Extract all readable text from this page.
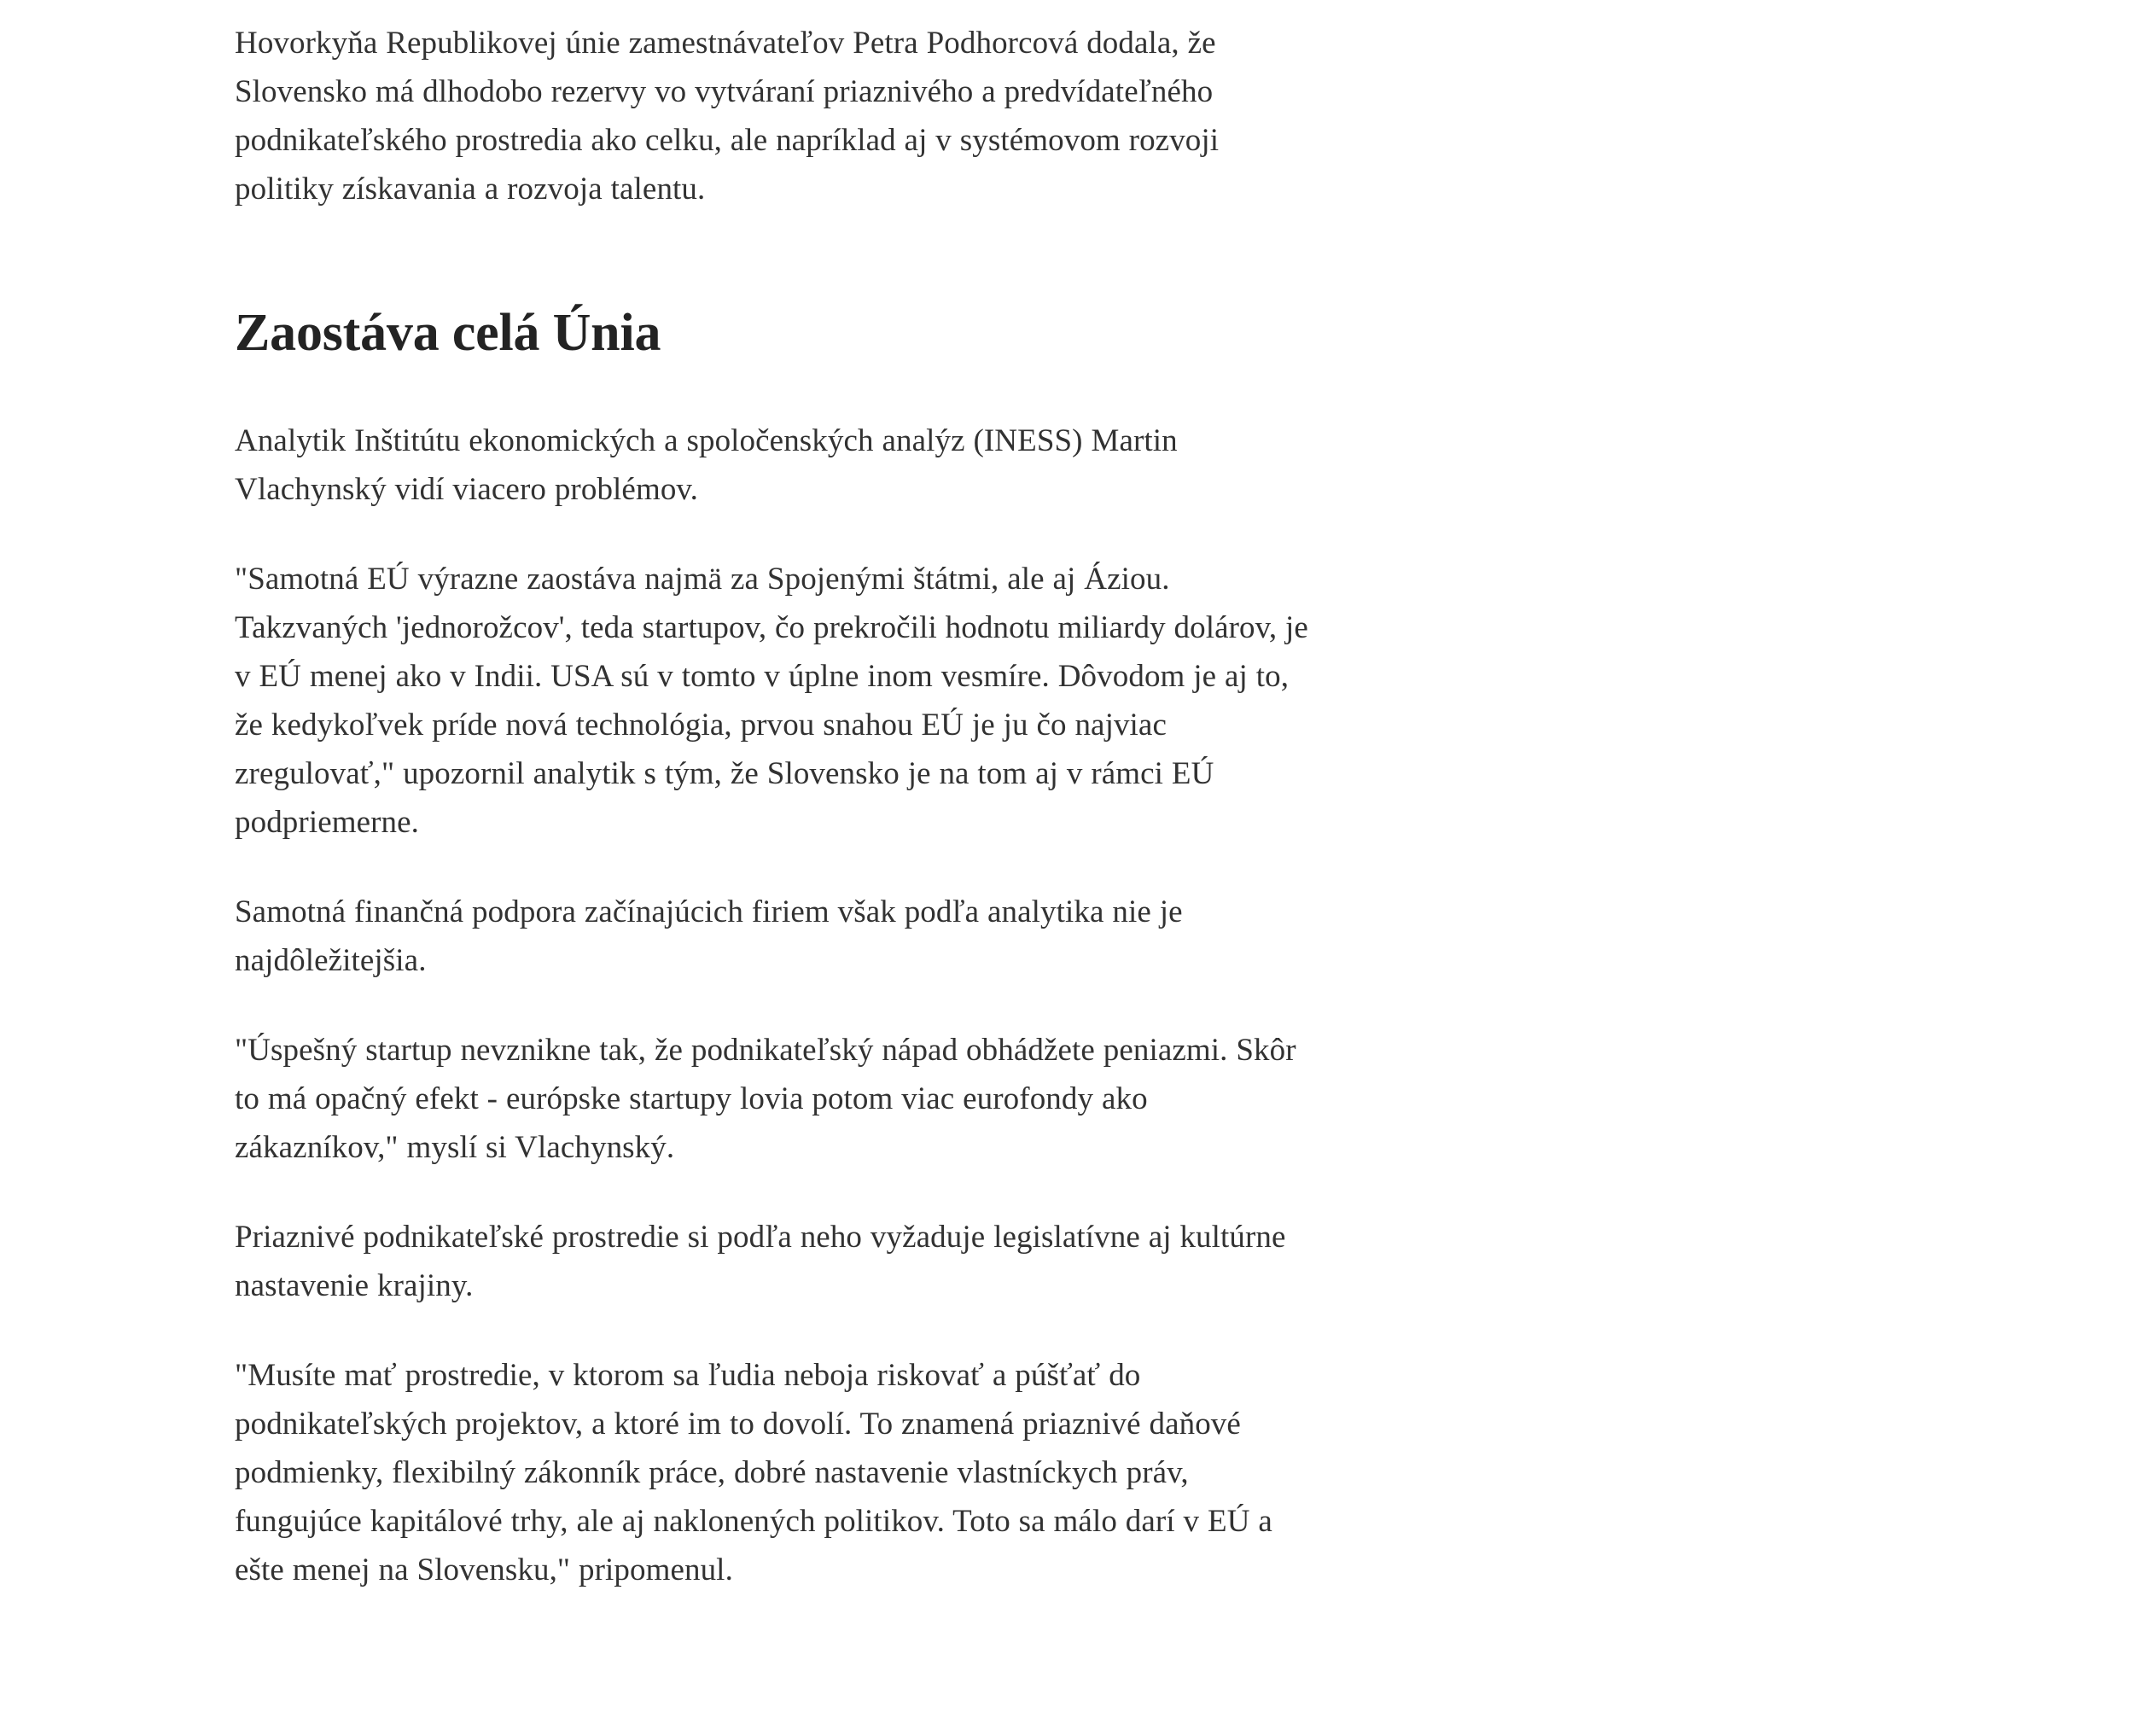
Hovorkyňa Republikovej únie zamestnávateľov Petra Podhorcová dodala, že Slovensko má dlhodobo rezervy vo vytváraní priaznivého a predvídateľného podnikateľského prostredia ako celku, ale napríklad aj v systémovom rozvoji politiky získavania a rozvoja talentu.

Zaostáva celá Únia

Analytik Inštitútu ekonomických a spoločenských analýz (INESS) Martin Vlachynský vidí viacero problémov.

"Samotná EÚ výrazne zaostáva najmä za Spojenými štátmi, ale aj Áziou. Takzvaných 'jednorožcov', teda startupov, čo prekročili hodnotu miliardy dolárov, je v EÚ menej ako v Indii. USA sú v tomto v úplne inom vesmíre. Dôvodom je aj to, že kedykoľvek príde nová technológia, prvou snahou EÚ je ju čo najviac zregulovať," upozornil analytik s tým, že Slovensko je na tom aj v rámci EÚ podpriemerne.

Samotná finančná podpora začínajúcich firiem však podľa analytika nie je najdôležitejšia.

"Úspešný startup nevznikne tak, že podnikateľský nápad obhádžete peniazmi. Skôr to má opačný efekt - európske startupy lovia potom viac eurofondy ako zákazníkov," myslí si Vlachynský.

Priaznivé podnikateľské prostredie si podľa neho vyžaduje legislatívne aj kultúrne nastavenie krajiny.

"Musíte mať prostredie, v ktorom sa ľudia neboja riskovať a púšťať do podnikateľských projektov, a ktoré im to dovolí. To znamená priaznivé daňové podmienky, flexibilný zákonník práce, dobré nastavenie vlastníckych práv, fungujúce kapitálové trhy, ale aj naklonených politikov. Toto sa málo darí v EÚ a ešte menej na Slovensku," pripomenul.
